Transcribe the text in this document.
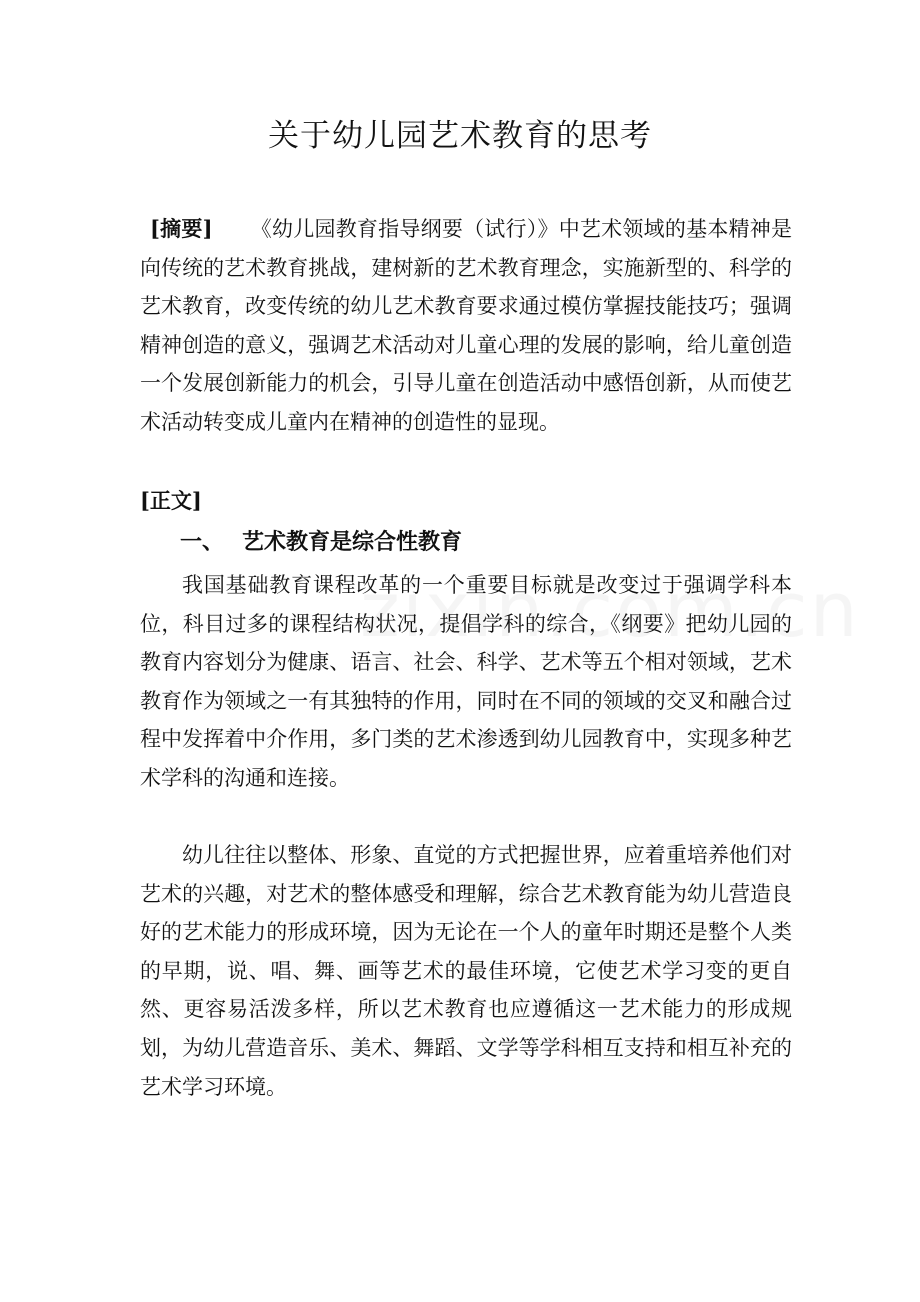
关于幼儿园艺术教育的思考

[摘要] 《幼儿园教育指导纲要（试行）》中艺术领域的基本精神是向传统的艺术教育挑战，建树新的艺术教育理念，实施新型的、科学的艺术教育，改变传统的幼儿艺术教育要求通过模仿掌握技能技巧；强调精神创造的意义，强调艺术活动对儿童心理的发展的影响，给儿童创造一个发展创新能力的机会，引导儿童在创造活动中感悟创新，从而使艺术活动转变成儿童内在精神的创造性的显现。

[正文]

一、 艺术教育是综合性教育

我国基础教育课程改革的一个重要目标就是改变过于强调学科本位，科目过多的课程结构状况，提倡学科的综合，《纲要》把幼儿园的教育内容划分为健康、语言、社会、科学、艺术等五个相对领域，艺术教育作为领域之一有其独特的作用，同时在不同的领域的交叉和融合过程中发挥着中介作用，多门类的艺术渗透到幼儿园教育中，实现多种艺术学科的沟通和连接。

幼儿往往以整体、形象、直觉的方式把握世界，应着重培养他们对艺术的兴趣，对艺术的整体感受和理解，综合艺术教育能为幼儿营造良好的艺术能力的形成环境，因为无论在一个人的童年时期还是整个人类的早期，说、唱、舞、画等艺术的最佳环境，它使艺术学习变的更自然、更容易活泼多样，所以艺术教育也应遵循这一艺术能力的形成规划，为幼儿营造音乐、美术、舞蹈、文学等学科相互支持和相互补充的艺术学习环境。
